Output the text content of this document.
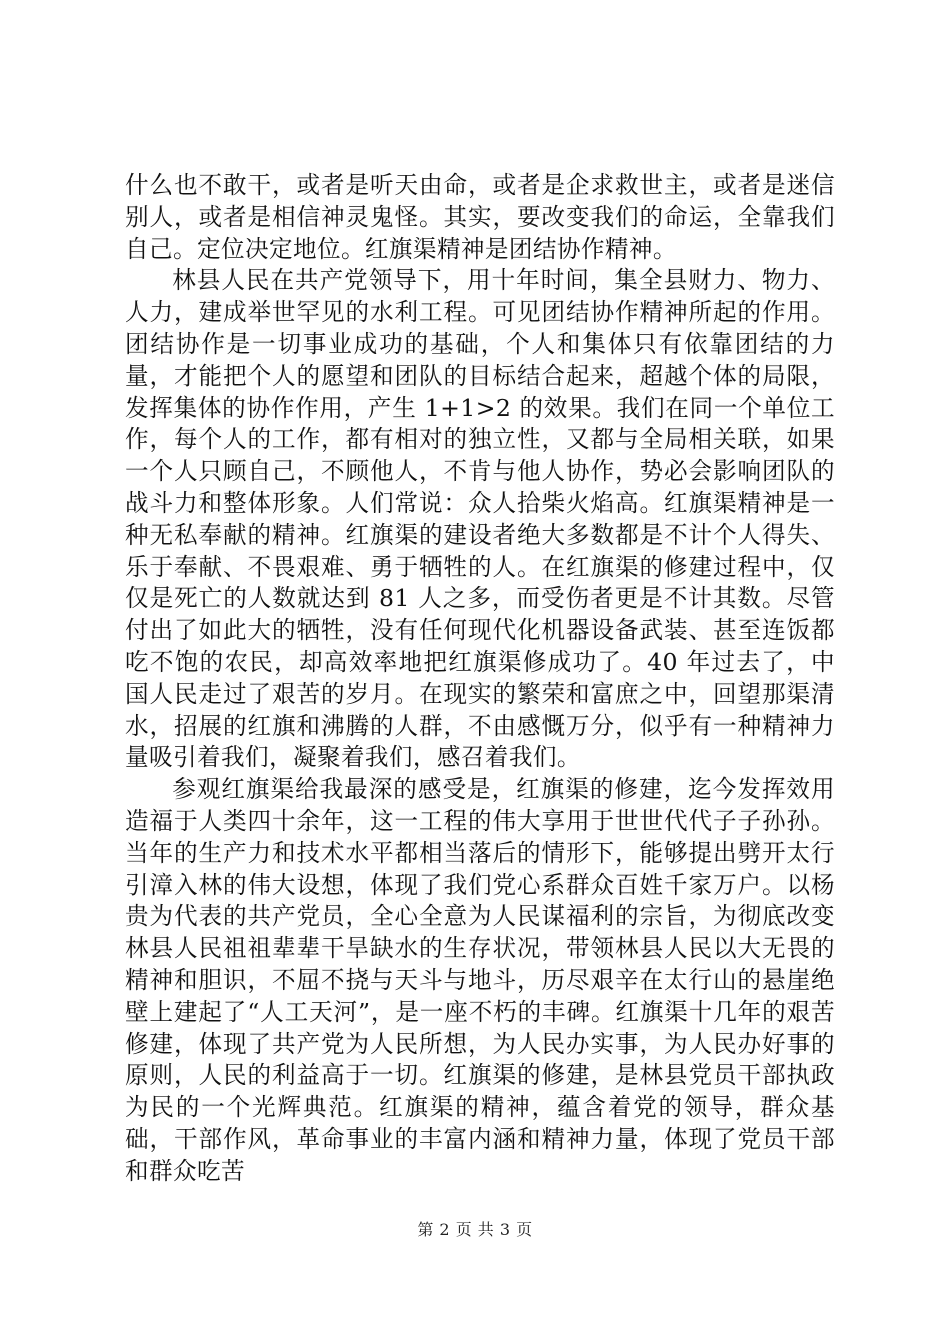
什么也不敢干，或者是听天由命，或者是企求救世主，或者是迷信别人，或者是相信神灵鬼怪。其实，要改变我们的命运，全靠我们自己。定位决定地位。红旗渠精神是团结协作精神。

林县人民在共产党领导下，用十年时间，集全县财力、物力、人力，建成举世罕见的水利工程。可见团结协作精神所起的作用。团结协作是一切事业成功的基础，个人和集体只有依靠团结的力量，才能把个人的愿望和团队的目标结合起来，超越个体的局限，发挥集体的协作作用，产生 1+1>2 的效果。我们在同一个单位工作，每个人的工作，都有相对的独立性，又都与全局相关联，如果一个人只顾自己，不顾他人，不肯与他人协作，势必会影响团队的战斗力和整体形象。人们常说：众人拾柴火焰高。红旗渠精神是一种无私奉献的精神。红旗渠的建设者绝大多数都是不计个人得失、乐于奉献、不畏艰难、勇于牺牲的人。在红旗渠的修建过程中，仅仅是死亡的人数就达到 81 人之多，而受伤者更是不计其数。尽管付出了如此大的牺牲，没有任何现代化机器设备武装、甚至连饭都吃不饱的农民，却高效率地把红旗渠修成功了。40 年过去了，中国人民走过了艰苦的岁月。在现实的繁荣和富庶之中，回望那渠清水，招展的红旗和沸腾的人群，不由感慨万分，似乎有一种精神力量吸引着我们，凝聚着我们，感召着我们。

参观红旗渠给我最深的感受是，红旗渠的修建，迄今发挥效用造福于人类四十余年，这一工程的伟大享用于世世代代子子孙孙。当年的生产力和技术水平都相当落后的情形下，能够提出劈开太行引漳入林的伟大设想，体现了我们党心系群众百姓千家万户。以杨贵为代表的共产党员，全心全意为人民谋福利的宗旨，为彻底改变林县人民祖祖辈辈干旱缺水的生存状况，带领林县人民以大无畏的精神和胆识，不屈不挠与天斗与地斗，历尽艰辛在太行山的悬崖绝壁上建起了“人工天河”，是一座不朽的丰碑。红旗渠十几年的艰苦修建，体现了共产党为人民所想，为人民办实事，为人民办好事的原则，人民的利益高于一切。红旗渠的修建，是林县党员干部执政为民的一个光辉典范。红旗渠的精神，蕴含着党的领导，群众基础，干部作风，革命事业的丰富内涵和精神力量，体现了党员干部和群众吃苦

第 2 页 共 3 页
